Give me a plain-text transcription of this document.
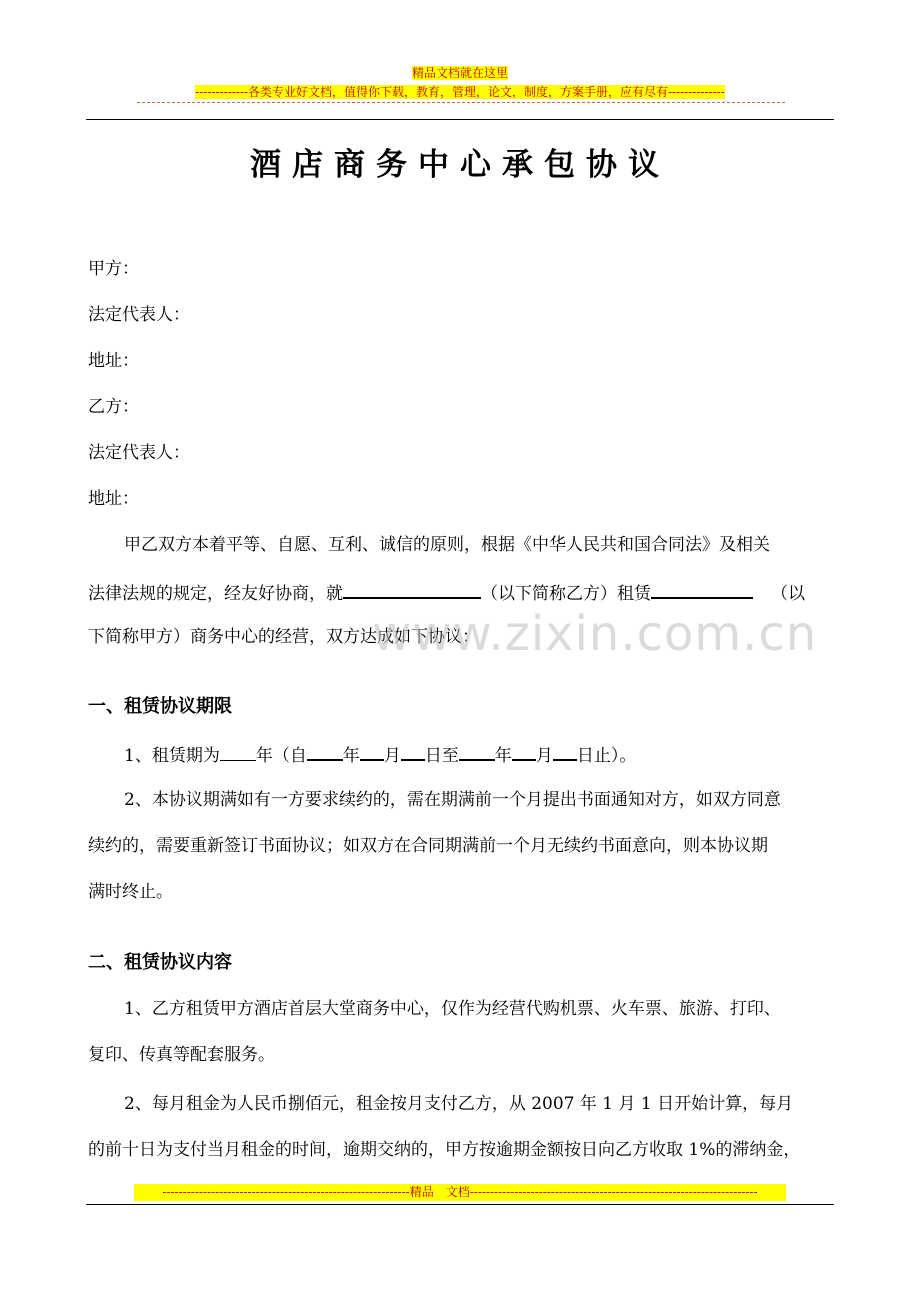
精品文档就在这里
-------------各类专业好文档，值得你下载，教育，管理，论文，制度，方案手册，应有尽有--------------
酒店商务中心承包协议
甲方：
法定代表人：
地址：
乙方：
法定代表人：
地址：
甲乙双方本着平等、自愿、互利、诚信的原则，根据《中华人民共和国合同法》及相关
法律法规的规定，经友好协商，就	（以下简称乙方）租赁	（以
下简称甲方）商务中心的经营，双方达成如下协议：
www.zixin.com.cn
一、租赁协议期限
1、租赁期为 年（自 年 月 日至 年 月 日止）。
2、本协议期满如有一方要求续约的，需在期满前一个月提出书面通知对方，如双方同意
续约的，需要重新签订书面协议；如双方在合同期满前一个月无续约书面意向，则本协议期
满时终止。
二、租赁协议内容
1、乙方租赁甲方酒店首层大堂商务中心，仅作为经营代购机票、火车票、旅游、打印、
复印、传真等配套服务。
2、每月租金为人民币捌佰元，租金按月支付乙方，从 2007 年 1 月 1 日开始计算，每月
的前十日为支付当月租金的时间，逾期交纳的，甲方按逾期金额按日向乙方收取 1%的滞纳金，
-------------------------------------------------------------精品　文档-----------------------------------------------------------------------
